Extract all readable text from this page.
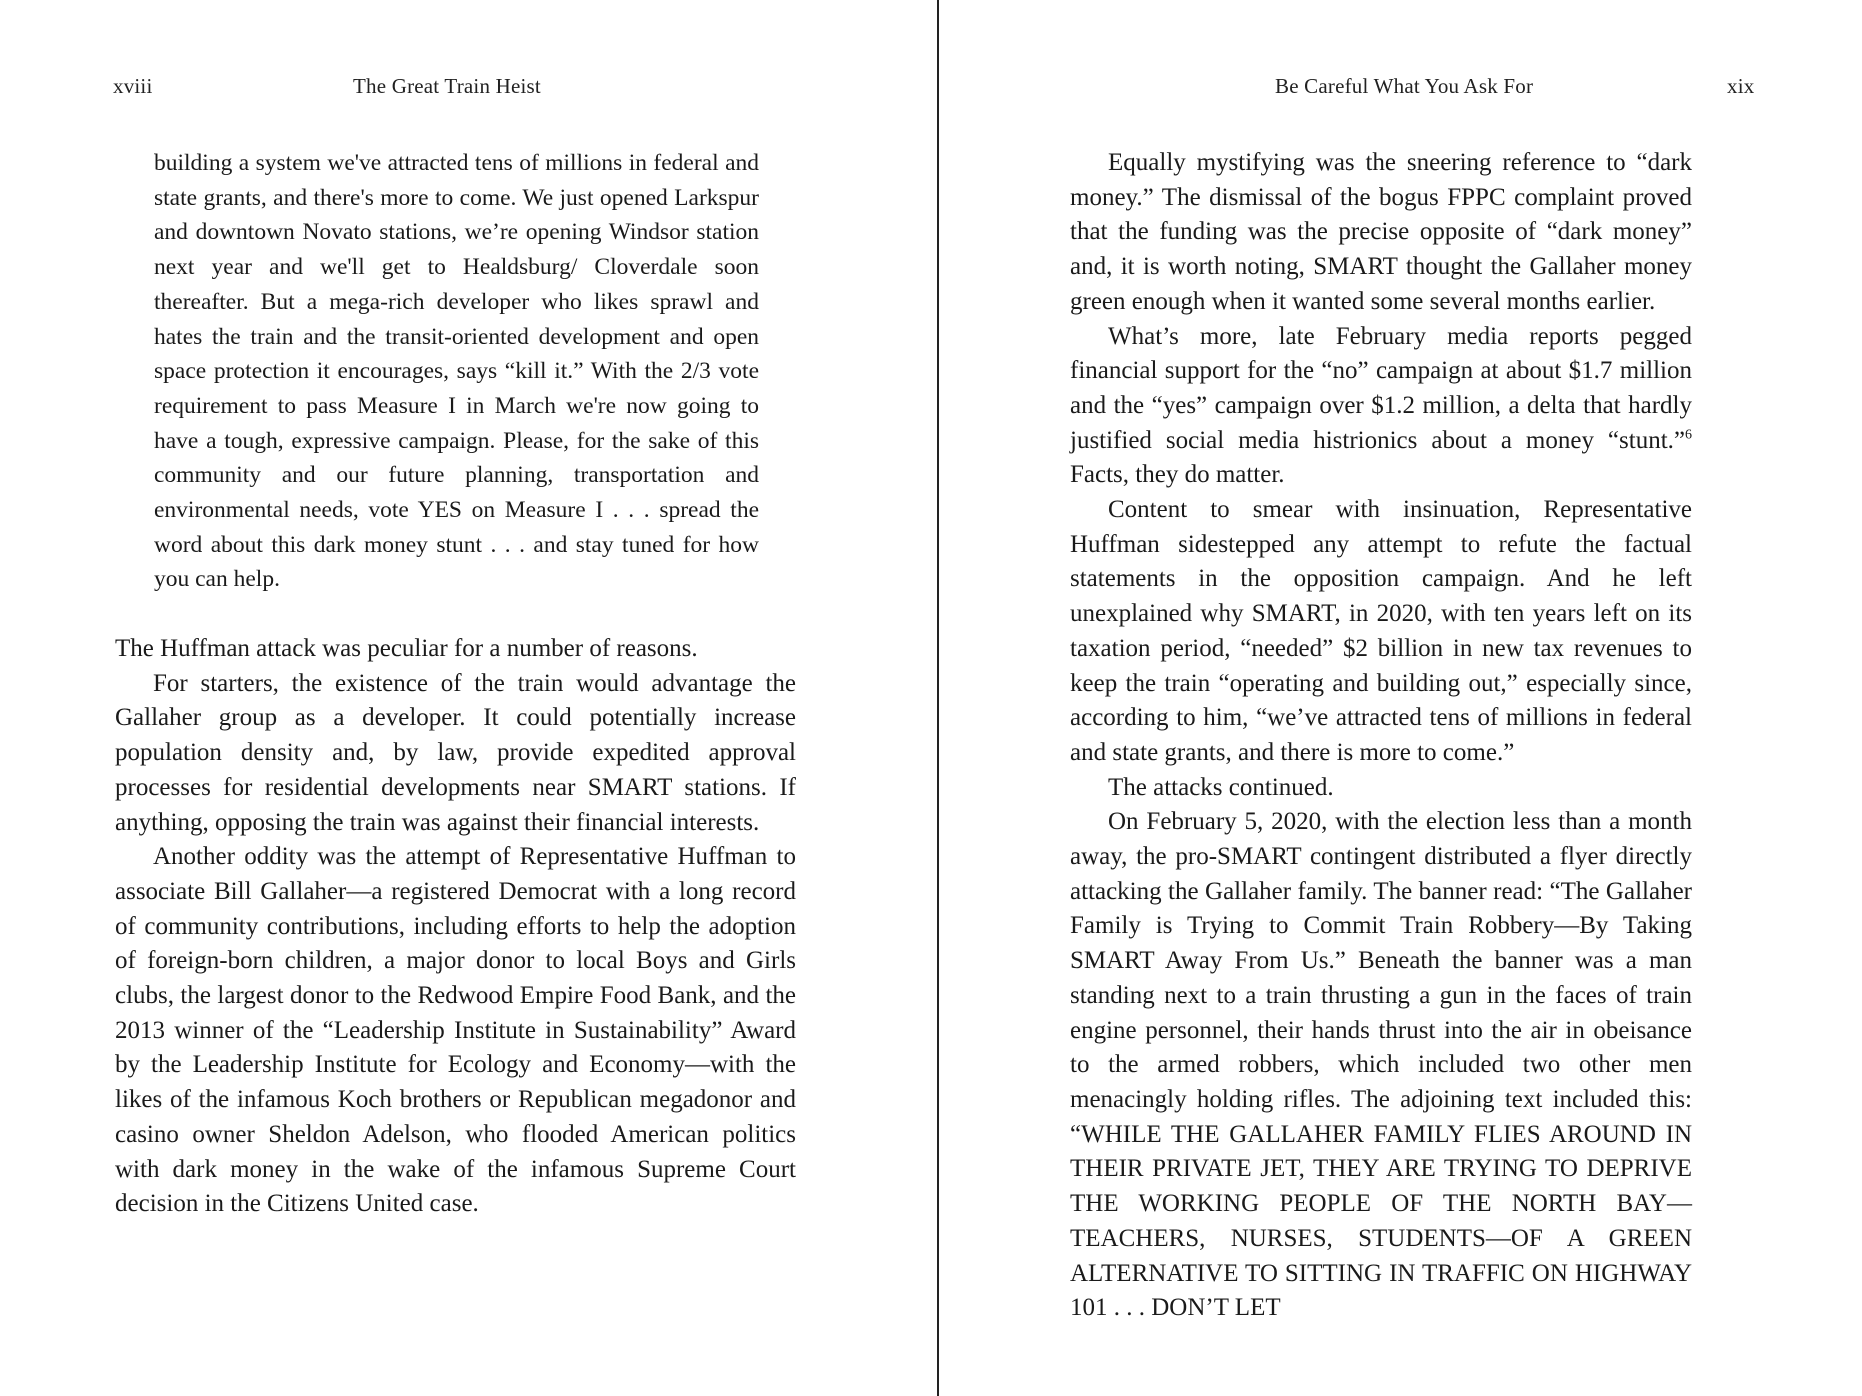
xviii	The Great Train Heist

building a system we've attracted tens of millions in federal and state grants, and there's more to come. We just opened Larkspur and downtown Novato stations, we’re opening Windsor station next year and we'll get to Healdsburg/ Cloverdale soon thereafter. But a mega-rich developer who likes sprawl and hates the train and the transit-oriented development and open space protection it encourages, says “kill it.” With the 2/3 vote requirement to pass Measure I in March we're now going to have a tough, expressive campaign. Please, for the sake of this community and our future planning, transportation and environmental needs, vote YES on Measure I . . . spread the word about this dark money stunt . . . and stay tuned for how you can help.

The Huffman attack was peculiar for a number of reasons.

For starters, the existence of the train would advantage the Gallaher group as a developer. It could potentially increase population density and, by law, provide expedited approval processes for residential developments near SMART stations. If anything, opposing the train was against their financial interests.

Another oddity was the attempt of Representative Huffman to associate Bill Gallaher—a registered Democrat with a long record of community contributions, including efforts to help the adoption of foreign-born children, a major donor to local Boys and Girls clubs, the largest donor to the Redwood Empire Food Bank, and the 2013 winner of the “Leadership Institute in Sustainability” Award by the Leadership Institute for Ecology and Economy—with the likes of the infamous Koch brothers or Republican megadonor and casino owner Sheldon Adelson, who flooded American politics with dark money in the wake of the infamous Supreme Court decision in the Citizens United case.

Be Careful What You Ask For	xix

Equally mystifying was the sneering reference to “dark money.” The dismissal of the bogus FPPC complaint proved that the funding was the precise opposite of “dark money” and, it is worth noting, SMART thought the Gallaher money green enough when it wanted some several months earlier.

What’s more, late February media reports pegged financial support for the “no” campaign at about $1.7 million and the “yes” campaign over $1.2 million, a delta that hardly justified social media histrionics about a money “stunt.”$^6$ Facts, they do matter.

Content to smear with insinuation, Representative Huffman sidestepped any attempt to refute the factual statements in the opposition campaign. And he left unexplained why SMART, in 2020, with ten years left on its taxation period, “needed” $2 billion in new tax revenues to keep the train “operating and building out,” especially since, according to him, “we’ve attracted tens of millions in federal and state grants, and there is more to come.”

The attacks continued.

On February 5, 2020, with the election less than a month away, the pro-SMART contingent distributed a flyer directly attacking the Gallaher family. The banner read: “The Gallaher Family is Trying to Commit Train Robbery—By Taking SMART Away From Us.” Beneath the banner was a man standing next to a train thrusting a gun in the faces of train engine personnel, their hands thrust into the air in obeisance to the armed robbers, which included two other men menacingly holding rifles. The adjoining text included this: “WHILE THE GALLAHER FAMILY FLIES AROUND IN THEIR PRIVATE JET, THEY ARE TRYING TO DEPRIVE THE WORKING PEOPLE OF THE NORTH BAY—TEACHERS, NURSES, STUDENTS—OF A GREEN ALTERNATIVE TO SITTING IN TRAFFIC ON HIGHWAY 101 . . . DON’T LET
